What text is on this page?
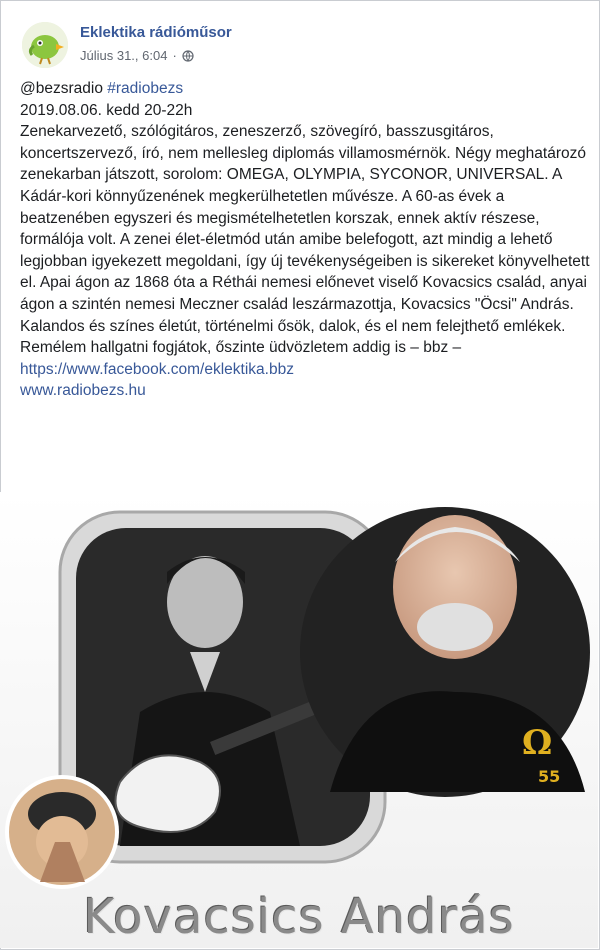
Eklektika rádióműsor
Július 31., 6:04 ·

@bezsradio #radiobezs

2019.08.06. kedd 20-22h

Zenekarvezető, szólógitáros, zeneszerző, szövegíró, basszusgitáros, koncertszervező, író, nem mellesleg diplomás villamosmérnök. Négy meghatározó zenekarban játszott, sorolom: OMEGA, OLYMPIA, SYCONOR, UNIVERSAL. A Kádár-kori könnyűzenének megkerülhetetlen művésze. A 60-as évek a beatzenében egyszeri és megismételhetetlen korszak, ennek aktív részese, formálója volt. A zenei élet-életmód után amibe belefogott, azt mindig a lehető legjobban igyekezett megoldani, így új tevékenységeiben is sikereket könyvelhetett el. Apai ágon az 1868 óta a Réthái nemesi előnevet viselő Kovacsics család, anyai ágon a szintén nemesi Meczner család leszármazottja, Kovacsics "Öcsi" András. Kalandos és színes életút, történelmi ősök, dalok, és el nem felejthető emlékek. Remélem hallgatni fogjátok, őszinte üdvözletem addig is – bbz –

https://www.facebook.com/eklektika.bbz

www.radiobezs.hu

Ω
55
Kovacsics András
